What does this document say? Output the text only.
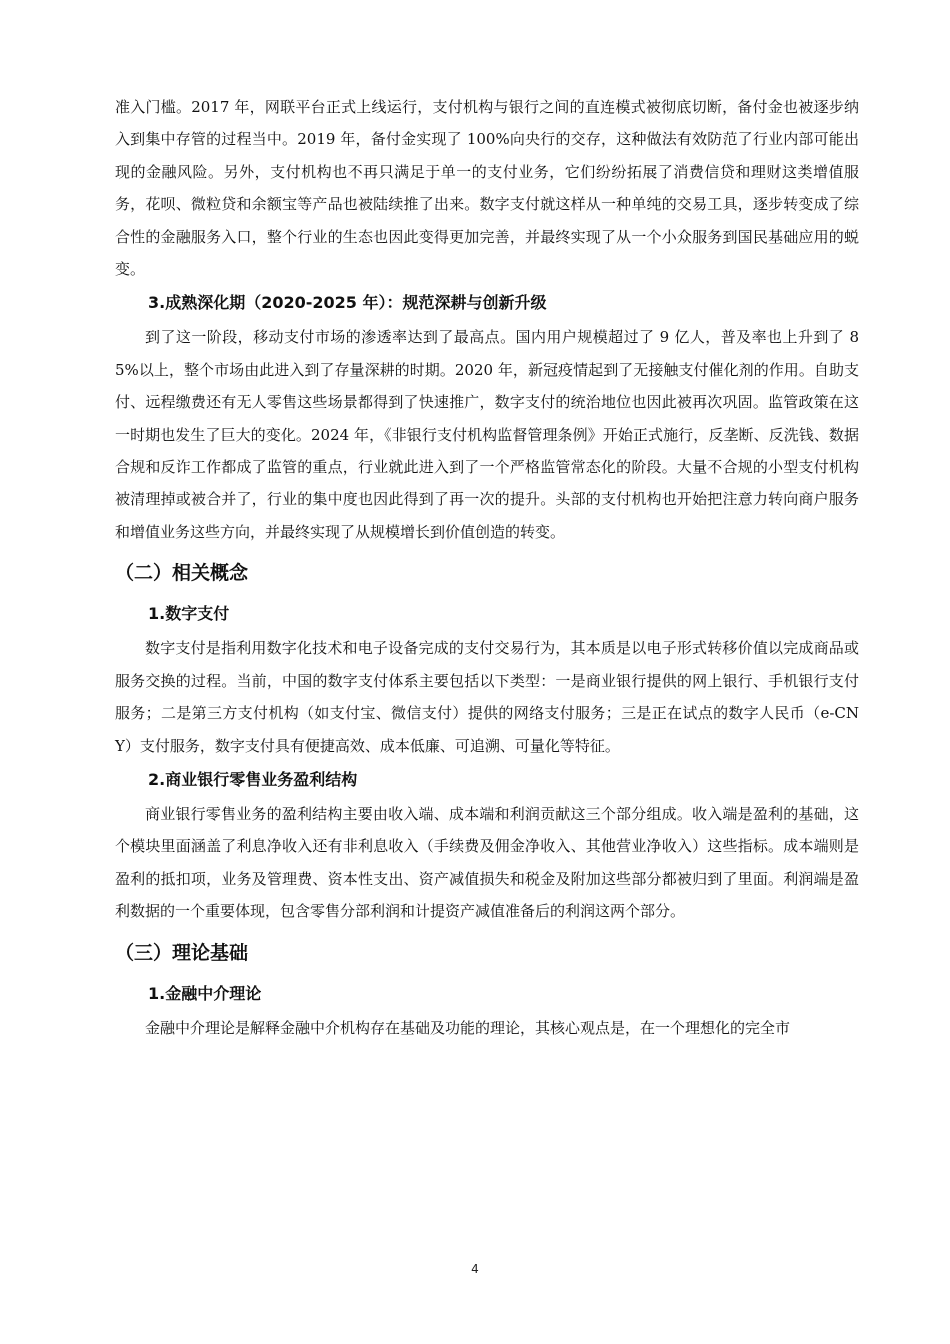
准入门槛。2017 年，网联平台正式上线运行，支付机构与银行之间的直连模式被彻底切断，备付金也被逐步纳入到集中存管的过程当中。2019 年，备付金实现了 100%向央行的交存，这种做法有效防范了行业内部可能出现的金融风险。另外，支付机构也不再只满足于单一的支付业务，它们纷纷拓展了消费信贷和理财这类增值服务，花呗、微粒贷和余额宝等产品也被陆续推了出来。数字支付就这样从一种单纯的交易工具，逐步转变成了综合性的金融服务入口，整个行业的生态也因此变得更加完善，并最终实现了从一个小众服务到国民基础应用的蜕变。

3.成熟深化期（2020-2025 年）：规范深耕与创新升级

到了这一阶段，移动支付市场的渗透率达到了最高点。国内用户规模超过了 9 亿人，普及率也上升到了 85%以上，整个市场由此进入到了存量深耕的时期。2020 年，新冠疫情起到了无接触支付催化剂的作用。自助支付、远程缴费还有无人零售这些场景都得到了快速推广，数字支付的统治地位也因此被再次巩固。监管政策在这一时期也发生了巨大的变化。2024 年，《非银行支付机构监督管理条例》开始正式施行，反垄断、反洗钱、数据合规和反诈工作都成了监管的重点，行业就此进入到了一个严格监管常态化的阶段。大量不合规的小型支付机构被清理掉或被合并了，行业的集中度也因此得到了再一次的提升。头部的支付机构也开始把注意力转向商户服务和增值业务这些方向，并最终实现了从规模增长到价值创造的转变。

（二）相关概念

1.数字支付

数字支付是指利用数字化技术和电子设备完成的支付交易行为，其本质是以电子形式转移价值以完成商品或服务交换的过程。当前，中国的数字支付体系主要包括以下类型：一是商业银行提供的网上银行、手机银行支付服务；二是第三方支付机构（如支付宝、微信支付）提供的网络支付服务；三是正在试点的数字人民币（e-CNY）支付服务，数字支付具有便捷高效、成本低廉、可追溯、可量化等特征。

2.商业银行零售业务盈利结构

商业银行零售业务的盈利结构主要由收入端、成本端和利润贡献这三个部分组成。收入端是盈利的基础，这个模块里面涵盖了利息净收入还有非利息收入（手续费及佣金净收入、其他营业净收入）这些指标。成本端则是盈利的抵扣项，业务及管理费、资本性支出、资产减值损失和税金及附加这些部分都被归到了里面。利润端是盈利数据的一个重要体现，包含零售分部利润和计提资产减值准备后的利润这两个部分。

（三）理论基础

1.金融中介理论

金融中介理论是解释金融中介机构存在基础及功能的理论，其核心观点是，在一个理想化的完全市

4
